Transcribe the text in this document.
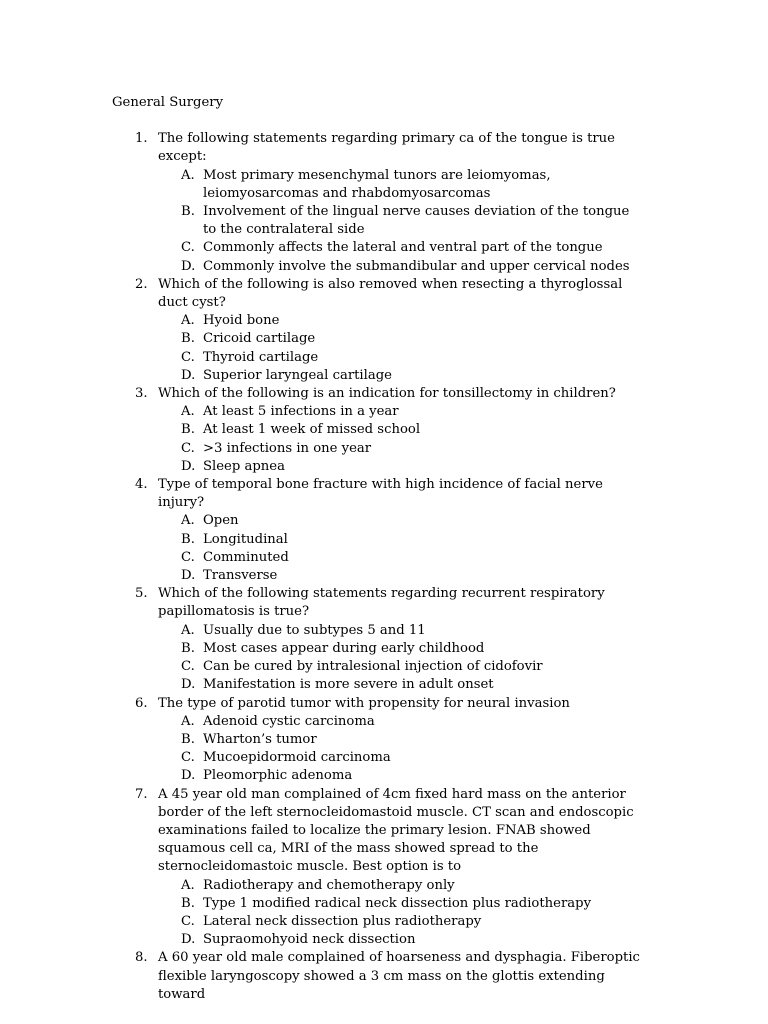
General Surgery
1. The following statements regarding primary ca of the tongue is true except:
A. Most primary mesenchymal tunors are leiomyomas, leiomyosarcomas and rhabdomyosarcomas
B. Involvement of the lingual nerve causes deviation of the tongue to the contralateral side
C. Commonly affects the lateral and ventral part of the tongue
D. Commonly involve the submandibular and upper cervical nodes
2. Which of the following is also removed when resecting a thyroglossal duct cyst?
A. Hyoid bone
B. Cricoid cartilage
C. Thyroid cartilage
D. Superior laryngeal cartilage
3. Which of the following is an indication for tonsillectomy in children?
A. At least 5 infections in a year
B. At least 1 week of missed school
C. >3 infections in one year
D. Sleep apnea
4. Type of temporal bone fracture with high incidence of facial nerve injury?
A. Open
B. Longitudinal
C. Comminuted
D. Transverse
5. Which of the following statements regarding recurrent respiratory papillomatosis is true?
A. Usually due to subtypes 5 and 11
B. Most cases appear during early childhood
C. Can be cured by intralesional injection of cidofovir
D. Manifestation is more severe in adult onset
6. The type of parotid tumor with propensity for neural invasion
A. Adenoid cystic carcinoma
B. Wharton’s tumor
C. Mucoepidormoid carcinoma
D. Pleomorphic adenoma
7. A 45 year old man complained of 4cm fixed hard mass on the anterior border of the left sternocleidomastoid muscle. CT scan and endoscopic examinations failed to localize the primary lesion. FNAB showed squamous cell ca, MRI of the mass showed spread to the sternocleidomastoic muscle. Best option is to
A. Radiotherapy and chemotherapy only
B. Type 1 modified radical neck dissection plus radiotherapy
C. Lateral neck dissection plus radiotherapy
D. Supraomohyoid neck dissection
8. A 60 year old male complained of hoarseness and dysphagia. Fiberoptic flexible laryngoscopy showed a 3 cm mass on the glottis extending toward
